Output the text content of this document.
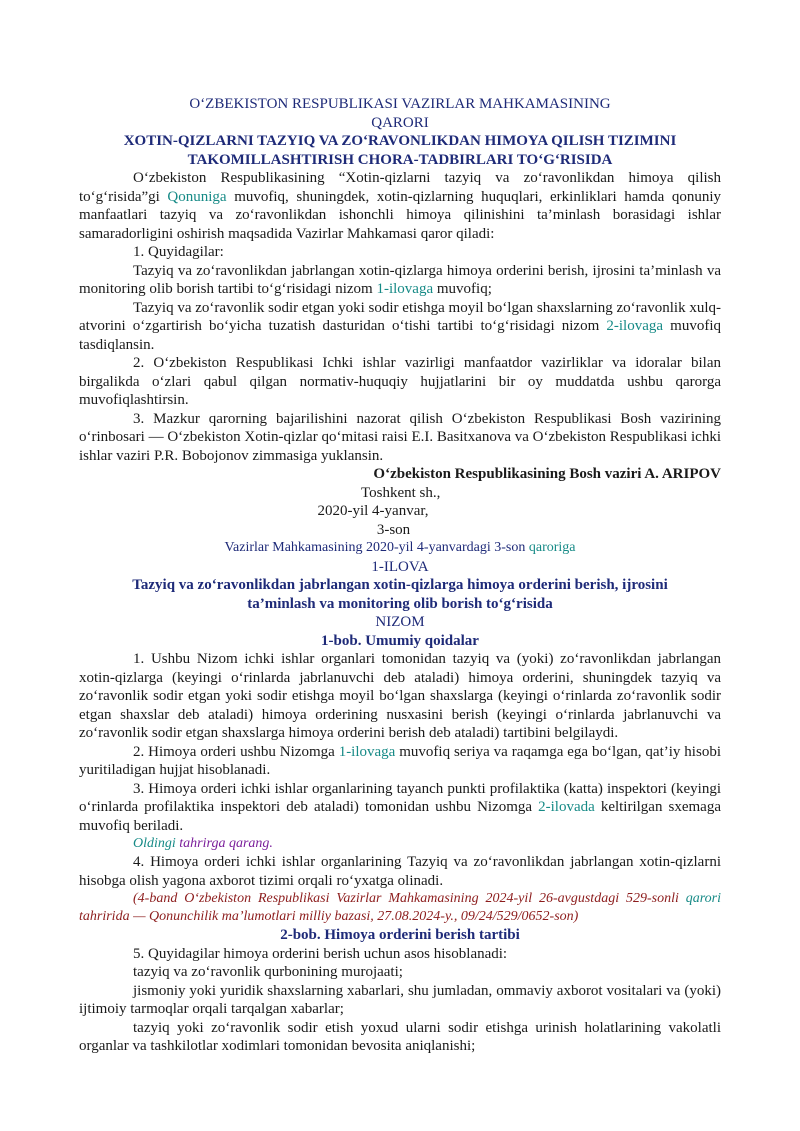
O‘ZBEKISTON RESPUBLIKASI VAZIRLAR MAHKAMASINING

QARORI

XOTIN-QIZLARNI TAZYIQ VA ZO‘RAVONLIKDAN HIMOYA QILISH TIZIMINI

TAKOMILLASHTIRISH CHORA-TADBIRLARI TO‘G‘RISIDA

O‘zbekiston Respublikasining “Xotin-qizlarni tazyiq va zo‘ravonlikdan himoya qilish to‘g‘risida”gi Qonuniga muvofiq, shuningdek, xotin-qizlarning huquqlari, erkinliklari hamda qonuniy manfaatlari tazyiq va zo‘ravonlikdan ishonchli himoya qilinishini ta’minlash borasidagi ishlar samaradorligini oshirish maqsadida Vazirlar Mahkamasi qaror qiladi:

1. Quyidagilar:

Tazyiq va zo‘ravonlikdan jabrlangan xotin-qizlarga himoya orderini berish, ijrosini ta’minlash va monitoring olib borish tartibi to‘g‘risidagi nizom 1-ilovaga muvofiq;

Tazyiq va zo‘ravonlik sodir etgan yoki sodir etishga moyil bo‘lgan shaxslarning zo‘ravonlik xulq-atvorini o‘zgartirish bo‘yicha tuzatish dasturidan o‘tishi tartibi to‘g‘risidagi nizom 2-ilovaga muvofiq tasdiqlansin.

2. O‘zbekiston Respublikasi Ichki ishlar vazirligi manfaatdor vazirliklar va idoralar bilan birgalikda o‘zlari qabul qilgan normativ-huquqiy hujjatlarini bir oy muddatda ushbu qarorga muvofiqlashtirsin.

3. Mazkur qarorning bajarilishini nazorat qilish O‘zbekiston Respublikasi Bosh vazirining o‘rinbosari — O‘zbekiston Xotin-qizlar qo‘mitasi raisi E.I. Basitxanova va O‘zbekiston Respublikasi ichki ishlar vaziri P.R. Bobojonov zimmasiga yuklansin.

O‘zbekiston Respublikasining Bosh vaziri A. ARIPOV

Toshkent sh.,

2020-yil 4-yanvar,

3-son

Vazirlar Mahkamasining 2020-yil 4-yanvardagi 3-son qaroriga

1-ILOVA

Tazyiq va zo‘ravonlikdan jabrlangan xotin-qizlarga himoya orderini berish, ijrosini

ta’minlash va monitoring olib borish to‘g‘risida

NIZOM

1-bob. Umumiy qoidalar

1. Ushbu Nizom ichki ishlar organlari tomonidan tazyiq va (yoki) zo‘ravonlikdan jabrlangan xotin-qizlarga (keyingi o‘rinlarda jabrlanuvchi deb ataladi) himoya orderini, shuningdek tazyiq va zo‘ravonlik sodir etgan yoki sodir etishga moyil bo‘lgan shaxslarga (keyingi o‘rinlarda zo‘ravonlik sodir etgan shaxslar deb ataladi) himoya orderining nusxasini berish (keyingi o‘rinlarda jabrlanuvchi va zo‘ravonlik sodir etgan shaxslarga himoya orderini berish deb ataladi) tartibini belgilaydi.

2. Himoya orderi ushbu Nizomga 1-ilovaga muvofiq seriya va raqamga ega bo‘lgan, qat’iy hisobi yuritiladigan hujjat hisoblanadi.

3. Himoya orderi ichki ishlar organlarining tayanch punkti profilaktika (katta) inspektori (keyingi o‘rinlarda profilaktika inspektori deb ataladi) tomonidan ushbu Nizomga 2-ilovada keltirilgan sxemaga muvofiq beriladi.

Oldingi tahrirga qarang.

4. Himoya orderi ichki ishlar organlarining Tazyiq va zo‘ravonlikdan jabrlangan xotin-qizlarni hisobga olish yagona axborot tizimi orqali ro‘yxatga olinadi.

(4-band O‘zbekiston Respublikasi Vazirlar Mahkamasining 2024-yil 26-avgustdagi 529-sonli qarori tahririda — Qonunchilik ma’lumotlari milliy bazasi, 27.08.2024-y., 09/24/529/0652-son)

2-bob. Himoya orderini berish tartibi

5. Quyidagilar himoya orderini berish uchun asos hisoblanadi:

tazyiq va zo‘ravonlik qurbonining murojaati;

jismoniy yoki yuridik shaxslarning xabarlari, shu jumladan, ommaviy axborot vositalari va (yoki) ijtimoiy tarmoqlar orqali tarqalgan xabarlar;

tazyiq yoki zo‘ravonlik sodir etish yoxud ularni sodir etishga urinish holatlarining vakolatli organlar va tashkilotlar xodimlari tomonidan bevosita aniqlanishi;
